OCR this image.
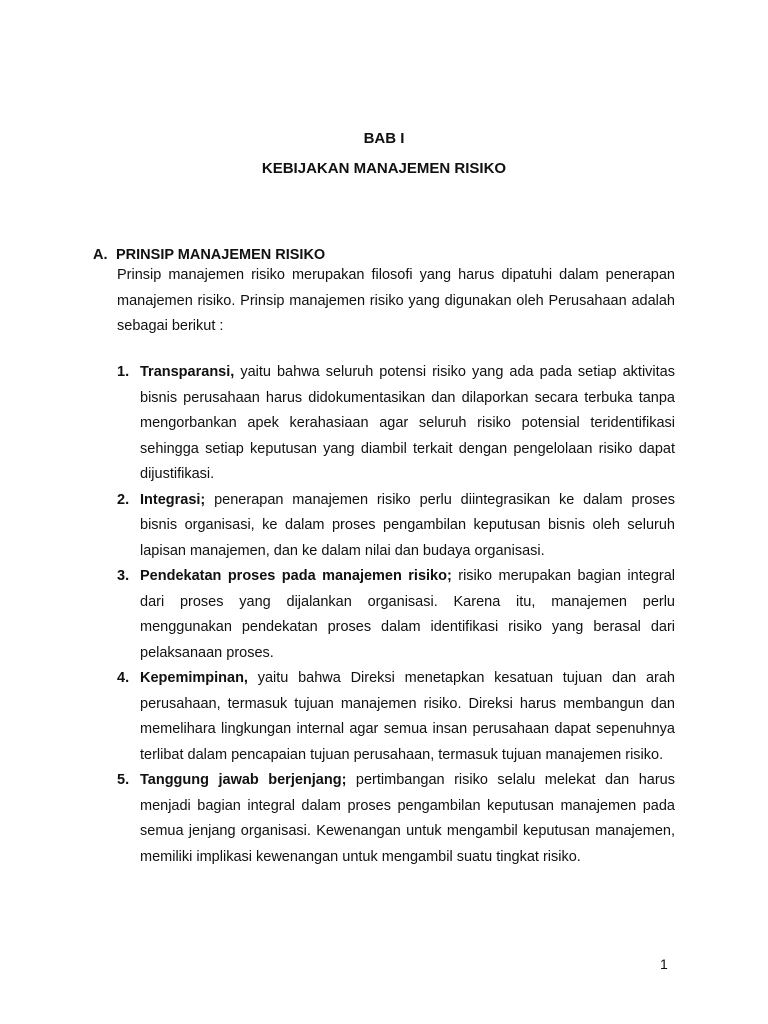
BAB I
KEBIJAKAN MANAJEMEN RISIKO
A. PRINSIP MANAJEMEN RISIKO
Prinsip manajemen risiko merupakan filosofi yang harus dipatuhi dalam penerapan manajemen risiko. Prinsip manajemen risiko yang digunakan oleh Perusahaan adalah sebagai berikut :
1. Transparansi, yaitu bahwa seluruh potensi risiko yang ada pada setiap aktivitas bisnis perusahaan harus didokumentasikan dan dilaporkan secara terbuka tanpa mengorbankan apek kerahasiaan agar seluruh risiko potensial teridentifikasi sehingga setiap keputusan yang diambil terkait dengan pengelolaan risiko dapat dijustifikasi.
2. Integrasi; penerapan manajemen risiko perlu diintegrasikan ke dalam proses bisnis organisasi, ke dalam proses pengambilan keputusan bisnis oleh seluruh lapisan manajemen, dan ke dalam nilai dan budaya organisasi.
3. Pendekatan proses pada manajemen risiko; risiko merupakan bagian integral dari proses yang dijalankan organisasi. Karena itu, manajemen perlu menggunakan pendekatan proses dalam identifikasi risiko yang berasal dari pelaksanaan proses.
4. Kepemimpinan, yaitu bahwa Direksi menetapkan kesatuan tujuan dan arah perusahaan, termasuk tujuan manajemen risiko. Direksi harus membangun dan memelihara lingkungan internal agar semua insan perusahaan dapat sepenuhnya terlibat dalam pencapaian tujuan perusahaan, termasuk tujuan manajemen risiko.
5. Tanggung jawab berjenjang; pertimbangan risiko selalu melekat dan harus menjadi bagian integral dalam proses pengambilan keputusan manajemen pada semua jenjang organisasi. Kewenangan untuk mengambil keputusan manajemen, memiliki implikasi kewenangan untuk mengambil suatu tingkat risiko.
1
